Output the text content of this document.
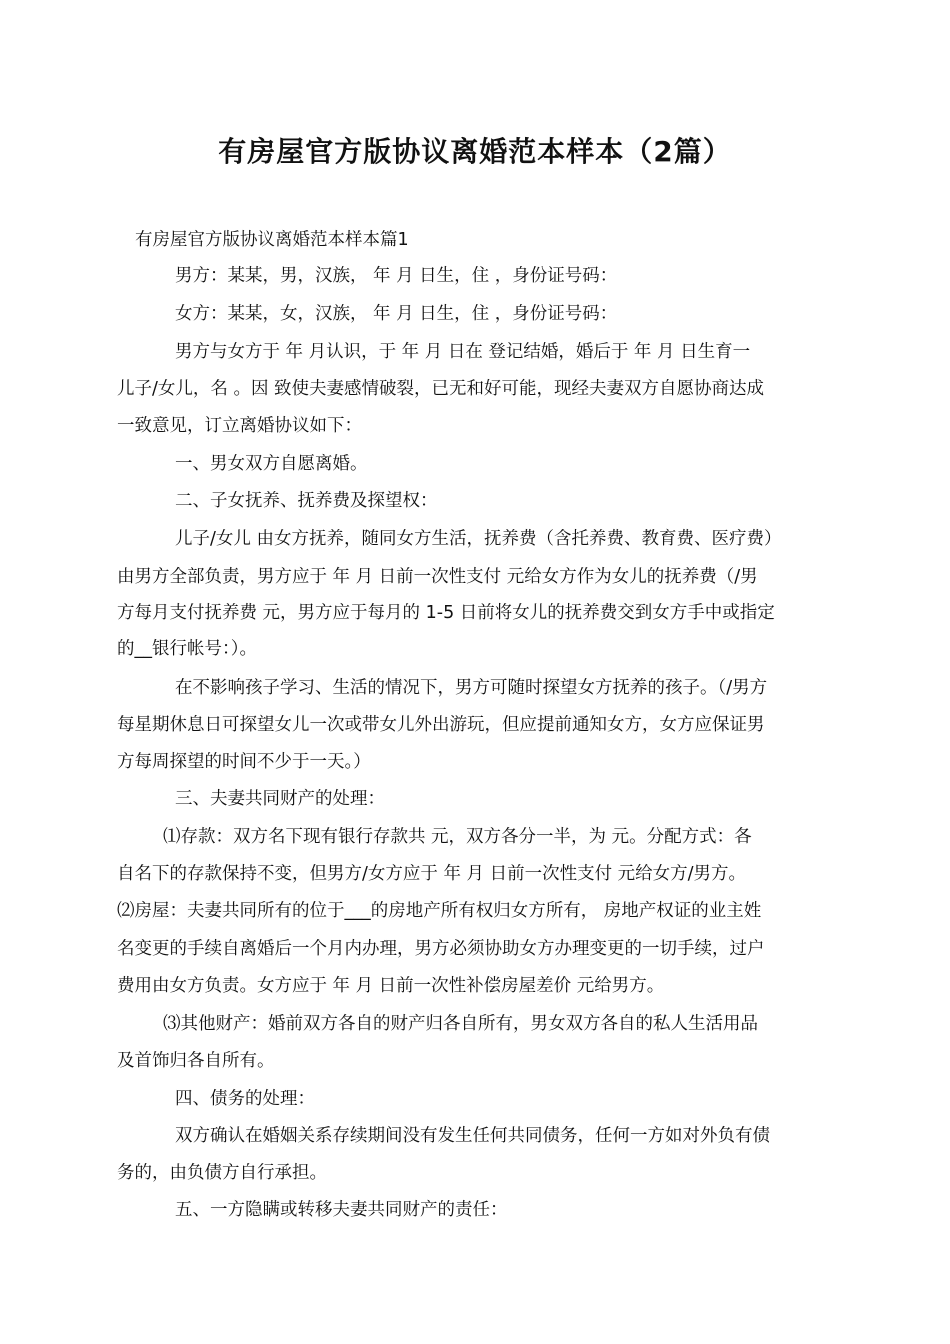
有房屋官方版协议离婚范本样本（2篇）
有房屋官方版协议离婚范本样本篇1
男方：某某，男，汉族， 年 月 日生，住 ，身份证号码：
女方：某某，女，汉族， 年 月 日生，住 ，身份证号码：
男方与女方于 年 月认识，于 年 月 日在 登记结婚，婚后于 年 月 日生育一
儿子/女儿，名 。因 致使夫妻感情破裂，已无和好可能，现经夫妻双方自愿协商达成
一致意见，订立离婚协议如下：
一、男女双方自愿离婚。
二、子女抚养、抚养费及探望权：
儿子/女儿 由女方抚养，随同女方生活，抚养费（含托养费、教育费、医疗费）
由男方全部负责，男方应于 年 月 日前一次性支付 元给女方作为女儿的抚养费（/男
方每月支付抚养费 元，男方应于每月的 1-5 日前将女儿的抚养费交到女方手中或指定
的__银行帐号：）。
在不影响孩子学习、生活的情况下，男方可随时探望女方抚养的孩子。（/男方
每星期休息日可探望女儿一次或带女儿外出游玩，但应提前通知女方，女方应保证男
方每周探望的时间不少于一天。）
三、夫妻共同财产的处理：
⑴存款：双方名下现有银行存款共 元，双方各分一半，为 元。分配方式：各
自名下的存款保持不变，但男方/女方应于 年 月 日前一次性支付 元给女方/男方。
⑵房屋：夫妻共同所有的位于___的房地产所有权归女方所有， 房地产权证的业主姓
名变更的手续自离婚后一个月内办理，男方必须协助女方办理变更的一切手续，过户
费用由女方负责。女方应于 年 月 日前一次性补偿房屋差价 元给男方。
⑶其他财产：婚前双方各自的财产归各自所有，男女双方各自的私人生活用品
及首饰归各自所有。
四、债务的处理：
双方确认在婚姻关系存续期间没有发生任何共同债务，任何一方如对外负有债
务的，由负债方自行承担。
五、一方隐瞒或转移夫妻共同财产的责任：
